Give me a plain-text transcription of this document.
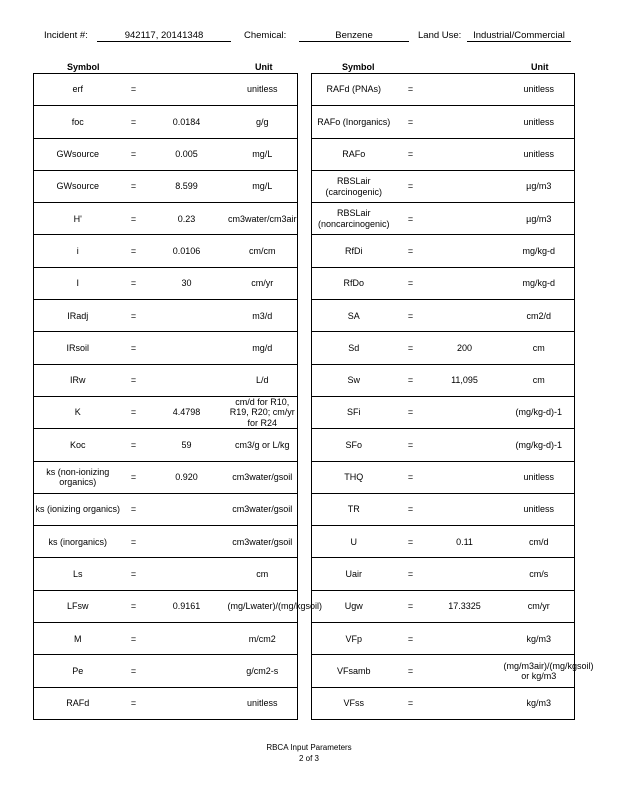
Incident #:	942117, 20141348	Chemical:	Benzene	Land Use:	Industrial/Commercial
Symbol	Unit
erf	=		unitless
foc	=	0.0184	g/g
GWsource	=	0.005	mg/L
GWsource	=	8.599	mg/L
H'	=	0.23	cm3water/cm3air
i	=	0.0106	cm/cm
I	=	30	cm/yr
IRadj	=		m3/d
IRsoil	=		mg/d
IRw	=		L/d
K	=	4.4798	cm/d for R10, R19, R20; cm/yr for R24
Koc	=	59	cm3/g or L/kg
ks (non-ionizing organics)	=	0.920	cm3water/gsoil
ks (ionizing organics)	=		cm3water/gsoil
ks (inorganics)	=		cm3water/gsoil
Ls	=		cm
LFsw	=	0.9161	(mg/Lwater)/(mg/kgsoil)
M	=		m/cm2
Pe	=		g/cm2-s
RAFd	=		unitless
Symbol	Unit
RAFd (PNAs)	=		unitless
RAFo (Inorganics)	=		unitless
RAFo	=		unitless
RBSLair (carcinogenic)	=		µg/m3
RBSLair (noncarcinogenic)	=		µg/m3
RfDi	=		mg/kg-d
RfDo	=		mg/kg-d
SA	=		cm2/d
Sd	=	200	cm
Sw	=	11,095	cm
SFi	=		(mg/kg-d)-1
SFo	=		(mg/kg-d)-1
THQ	=		unitless
TR	=		unitless
U	=	0.11	cm/d
Uair	=		cm/s
Ugw	=	17.3325	cm/yr
VFp	=		kg/m3
VFsamb	=		(mg/m3air)/(mg/kgsoil) or kg/m3
VFss	=		kg/m3
RBCA Input Parameters
2 of 3
